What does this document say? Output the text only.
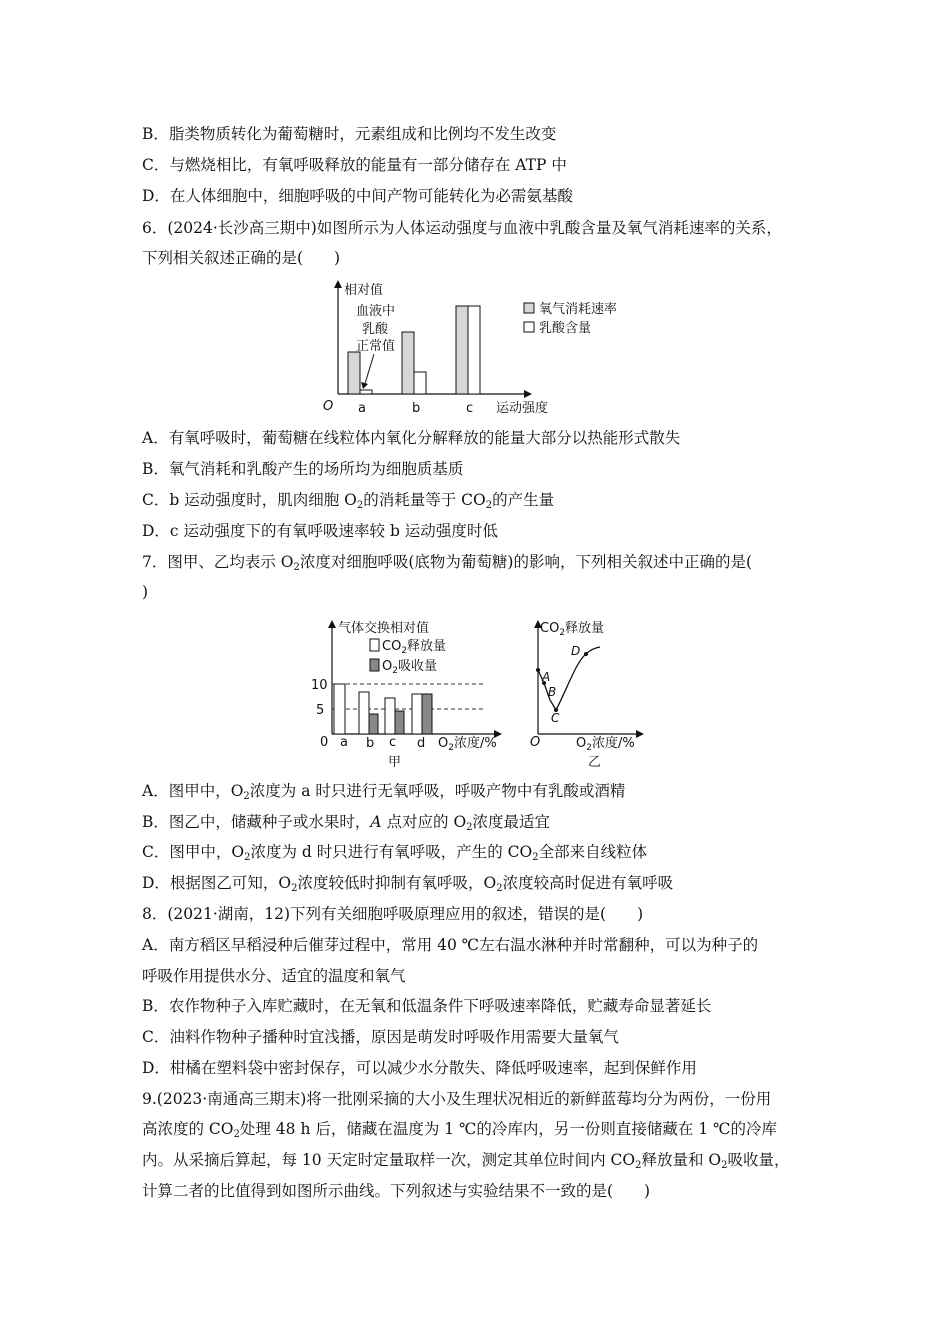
B．脂类物质转化为葡萄糖时，元素组成和比例均不发生改变
C．与燃烧相比，有氧呼吸释放的能量有一部分储存在 ATP 中
D．在人体细胞中，细胞呼吸的中间产物可能转化为必需氨基酸
6．(2024·长沙高三期中)如图所示为人体运动强度与血液中乳酸含量及氧气消耗速率的关系，
下列相关叙述正确的是(　　)
相对值
O	运动强度
a	b	c
血液中
乳酸
正常值
氧气消耗速率
乳酸含量
A．有氧呼吸时，葡萄糖在线粒体内氧化分解释放的能量大部分以热能形式散失
B．氧气消耗和乳酸产生的场所均为细胞质基质
C．b 运动强度时，肌肉细胞 $O_2$的消耗量等于 $CO_2$的产生量
D．c 运动强度下的有氧呼吸速率较 b 运动强度时低
7．图甲、乙均表示 $O_2$浓度对细胞呼吸(底物为葡萄糖)的影响，下列相关叙述中正确的是(
)
气体交换相对值
$CO_2$释放量
$O_2$吸收量
10
5
0 a b c d $O_2$浓度/%
甲
$CO_2$释放量
A
B
C
D
O	$O_2$浓度/%
乙
A．图甲中，$O_2$浓度为 a 时只进行无氧呼吸，呼吸产物中有乳酸或酒精
B．图乙中，储藏种子或水果时，A 点对应的 $O_2$浓度最适宜
C．图甲中，$O_2$浓度为 d 时只进行有氧呼吸，产生的 $CO_2$全部来自线粒体
D．根据图乙可知，$O_2$浓度较低时抑制有氧呼吸，$O_2$浓度较高时促进有氧呼吸
8．(2021·湖南，12)下列有关细胞呼吸原理应用的叙述，错误的是(　　)
A．南方稻区早稻浸种后催芽过程中，常用 40 ℃左右温水淋种并时常翻种，可以为种子的
呼吸作用提供水分、适宜的温度和氧气
B．农作物种子入库贮藏时，在无氧和低温条件下呼吸速率降低，贮藏寿命显著延长
C．油料作物种子播种时宜浅播，原因是萌发时呼吸作用需要大量氧气
D．柑橘在塑料袋中密封保存，可以减少水分散失、降低呼吸速率，起到保鲜作用
9.(2023·南通高三期末)将一批刚采摘的大小及生理状况相近的新鲜蓝莓均分为两份，一份用
高浓度的 $CO_2$处理 48 h 后，储藏在温度为 1 ℃的冷库内，另一份则直接储藏在 1 ℃的冷库
内。从采摘后算起，每 10 天定时定量取样一次，测定其单位时间内 $CO_2$释放量和 $O_2$吸收量，
计算二者的比值得到如图所示曲线。下列叙述与实验结果不一致的是(　　)
